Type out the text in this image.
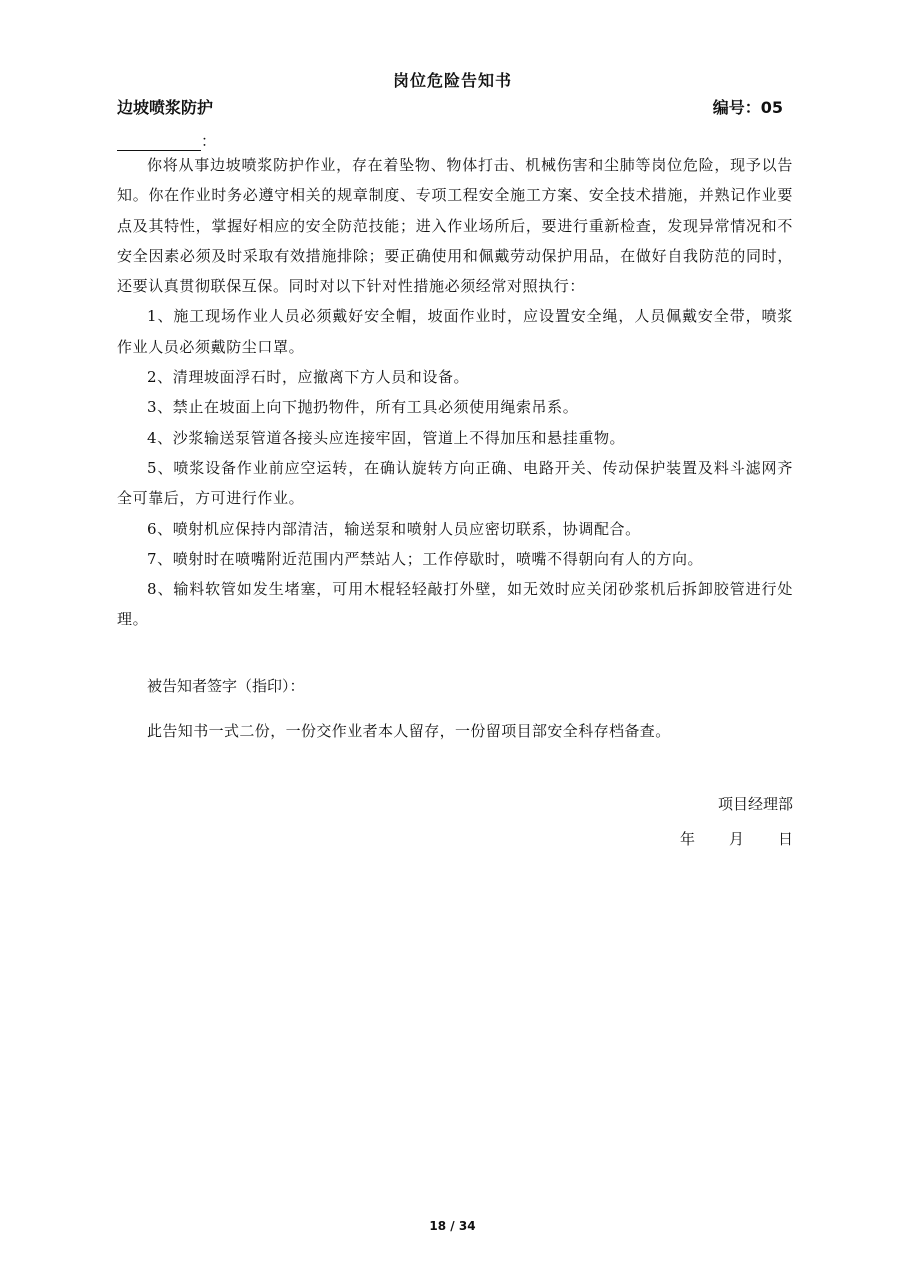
岗位危险告知书
边坡喷浆防护	编号：05
：

你将从事边坡喷浆防护作业，存在着坠物、物体打击、机械伤害和尘肺等岗位危险，现予以告知。你在作业时务必遵守相关的规章制度、专项工程安全施工方案、安全技术措施，并熟记作业要点及其特性，掌握好相应的安全防范技能；进入作业场所后，要进行重新检查，发现异常情况和不安全因素必须及时采取有效措施排除；要正确使用和佩戴劳动保护用品，在做好自我防范的同时，还要认真贯彻联保互保。同时对以下针对性措施必须经常对照执行：

1、施工现场作业人员必须戴好安全帽，坡面作业时，应设置安全绳，人员佩戴安全带，喷浆作业人员必须戴防尘口罩。

2、清理坡面浮石时，应撤离下方人员和设备。

3、禁止在坡面上向下抛扔物件，所有工具必须使用绳索吊系。

4、沙浆输送泵管道各接头应连接牢固，管道上不得加压和悬挂重物。

5、喷浆设备作业前应空运转，在确认旋转方向正确、电路开关、传动保护装置及料斗滤网齐全可靠后，方可进行作业。

6、喷射机应保持内部清洁，输送泵和喷射人员应密切联系，协调配合。

7、喷射时在喷嘴附近范围内严禁站人；工作停歇时，喷嘴不得朝向有人的方向。

8、输料软管如发生堵塞，可用木棍轻轻敲打外壁，如无效时应关闭砂浆机后拆卸胶管进行处理。

被告知者签字（指印）：
此告知书一式二份，一份交作业者本人留存，一份留项目部安全科存档备查。
项目经理部
年 月 日
18 / 34
